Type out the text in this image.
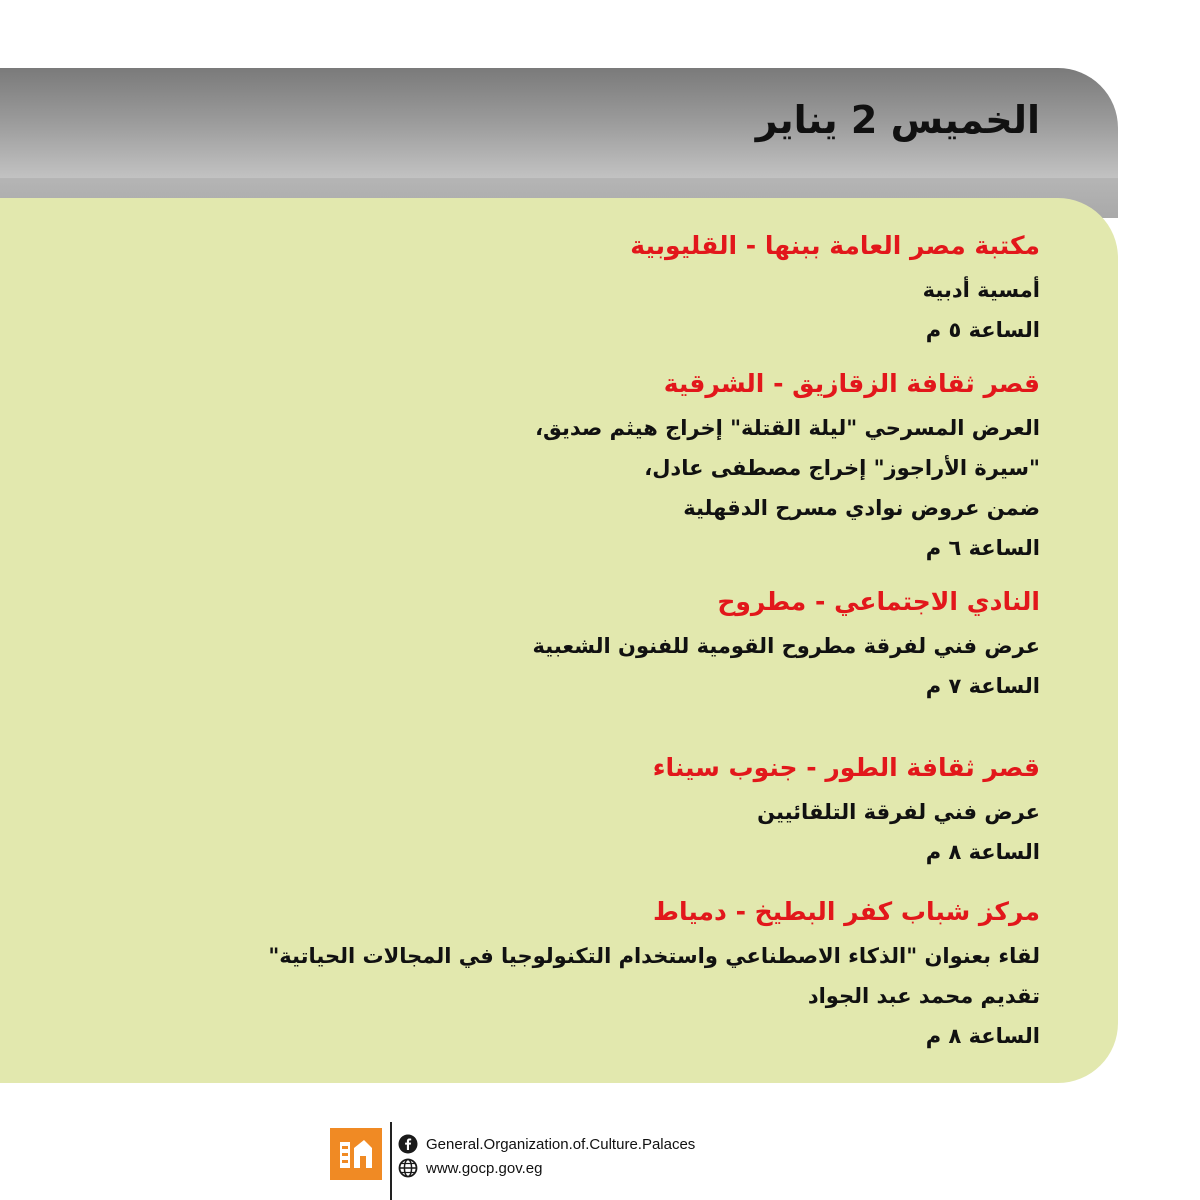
الخميس 2 يناير

مكتبة مصر العامة ببنها - القليوبية

أمسية أدبية

الساعة ٥ م

قصر ثقافة الزقازيق - الشرقية

العرض المسرحي "ليلة القتلة" إخراج هيثم صديق،

"سيرة الأراجوز" إخراج مصطفى عادل،

ضمن عروض نوادي مسرح الدقهلية

الساعة ٦ م

النادي الاجتماعي - مطروح

عرض فني لفرقة مطروح القومية للفنون الشعبية

الساعة ٧ م

قصر ثقافة الطور - جنوب سيناء

عرض فني لفرقة التلقائيين

الساعة ٨ م

مركز شباب كفر البطيخ - دمياط

لقاء بعنوان "الذكاء الاصطناعي واستخدام التكنولوجيا في المجالات الحياتية"

تقديم محمد عبد الجواد

الساعة ٨ م

General.Organization.of.Culture.Palaces
www.gocp.gov.eg
